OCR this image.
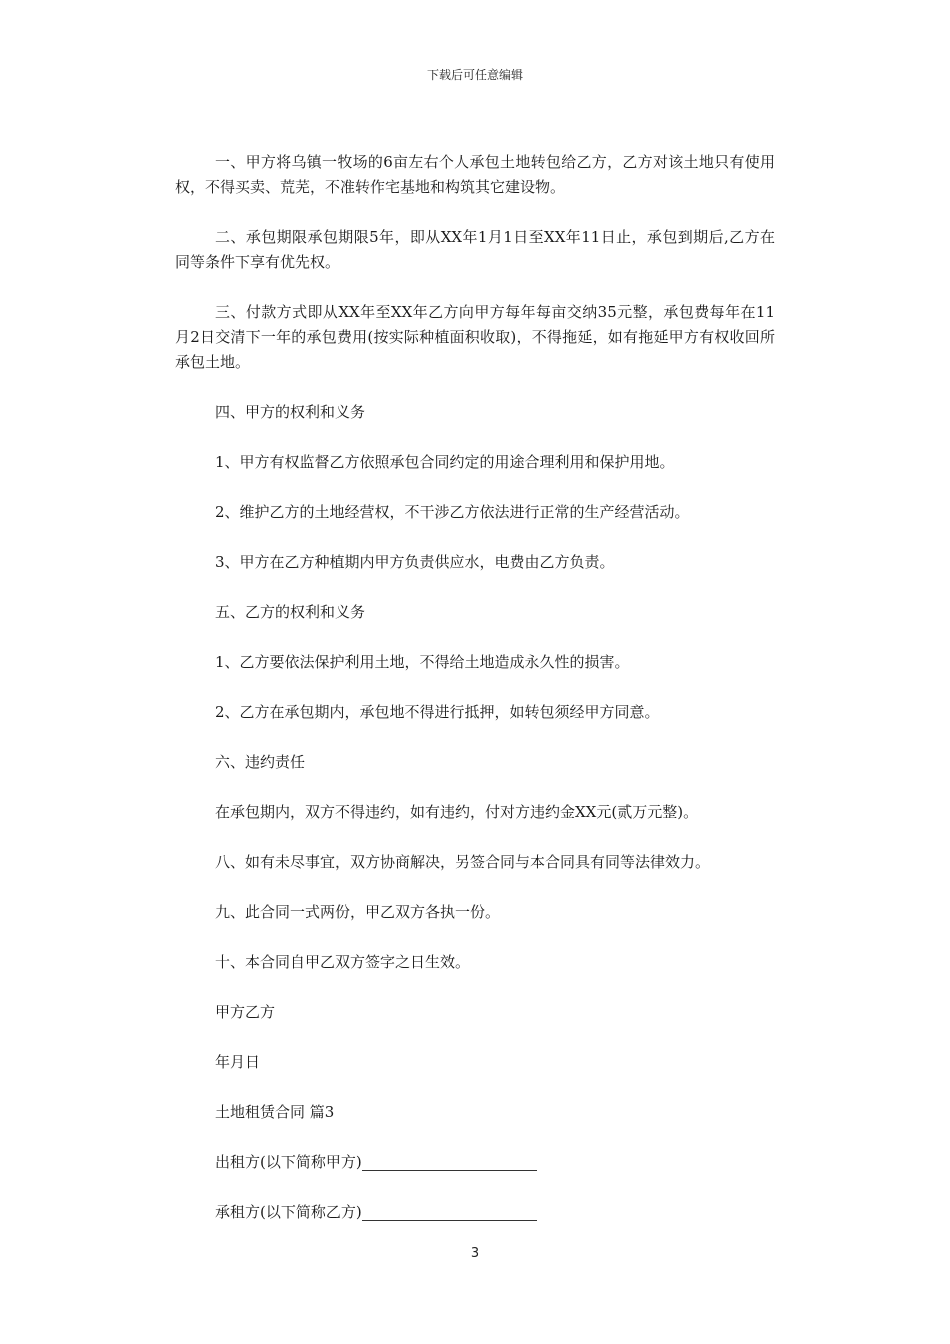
下载后可任意编辑

一、甲方将乌镇一牧场的6亩左右个人承包土地转包给乙方，乙方对该土地只有使用权，不得买卖、荒芜，不准转作宅基地和构筑其它建设物。

二、承包期限承包期限5年，即从XX年1月1日至XX年11日止，承包到期后,乙方在同等条件下享有优先权。

三、付款方式即从XX年至XX年乙方向甲方每年每亩交纳35元整，承包费每年在11月2日交清下一年的承包费用(按实际种植面积收取)，不得拖延，如有拖延甲方有权收回所承包土地。

四、甲方的权利和义务

1、甲方有权监督乙方依照承包合同约定的用途合理利用和保护用地。

2、维护乙方的土地经营权，不干涉乙方依法进行正常的生产经营活动。

3、甲方在乙方种植期内甲方负责供应水，电费由乙方负责。

五、乙方的权利和义务

1、乙方要依法保护利用土地，不得给土地造成永久性的损害。

2、乙方在承包期内，承包地不得进行抵押，如转包须经甲方同意。

六、违约责任

在承包期内，双方不得违约，如有违约，付对方违约金XX元(贰万元整)。

八、如有未尽事宜，双方协商解决，另签合同与本合同具有同等法律效力。

九、此合同一式两份，甲乙双方各执一份。

十、本合同自甲乙双方签字之日生效。

甲方乙方

年月日

土地租赁合同 篇3

出租方(以下简称甲方)

承租方(以下简称乙方)

3
